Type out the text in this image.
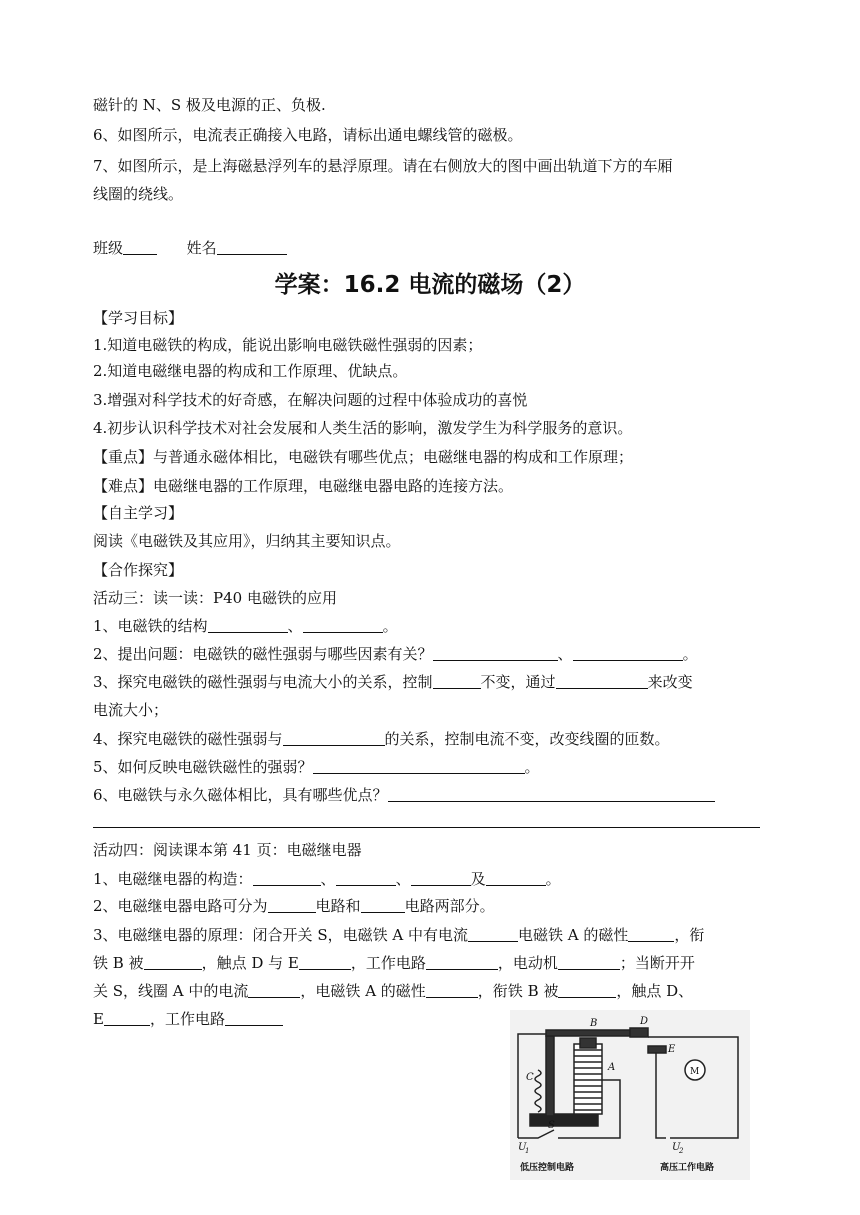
磁针的 N、S 极及电源的正、负极.
6、如图所示，电流表正确接入电路，请标出通电螺线管的磁极。
7、如图所示，是上海磁悬浮列车的悬浮原理。请在右侧放大的图中画出轨道下方的车厢
线圈的绕线。
班级	姓名
学案：16.2 电流的磁场（2）
【学习目标】
1.知道电磁铁的构成，能说出影响电磁铁磁性强弱的因素；
2.知道电磁继电器的构成和工作原理、优缺点。
3.增强对科学技术的好奇感，在解决问题的过程中体验成功的喜悦
4.初步认识科学技术对社会发展和人类生活的影响，激发学生为科学服务的意识。
【重点】与普通永磁体相比，电磁铁有哪些优点；电磁继电器的构成和工作原理；
【难点】电磁继电器的工作原理，电磁继电器电路的连接方法。
【自主学习】
阅读《电磁铁及其应用》，归纳其主要知识点。
【合作探究】
活动三：读一读：P40 电磁铁的应用
1、电磁铁的结构	、	。
2、提出问题：电磁铁的磁性强弱与哪些因素有关？	、	。
3、探究电磁铁的磁性强弱与电流大小的关系，控制	不变，通过	来改变
电流大小；
4、探究电磁铁的磁性强弱与	的关系，控制电流不变，改变线圈的匝数。
5、如何反映电磁铁磁性的强弱？	。
6、电磁铁与永久磁体相比，具有哪些优点？
活动四：阅读课本第 41 页：电磁继电器
1、电磁继电器的构造：	、	、	及	。
2、电磁继电器电路可分为	电路和	电路两部分。
3、电磁继电器的原理：闭合开关 S，电磁铁 A 中有电流	电磁铁 A 的磁性	，衔
铁 B 被	，触点 D 与 E	，工作电路	，电动机	；当断开开
关 S，线圈 A 中的电流	，电磁铁 A 的磁性	，衔铁 B 被	，触点 D、
E	，工作电路	B	D
E
C
A
S
U
1	U
2
M
低压控制电路	高压工作电路
